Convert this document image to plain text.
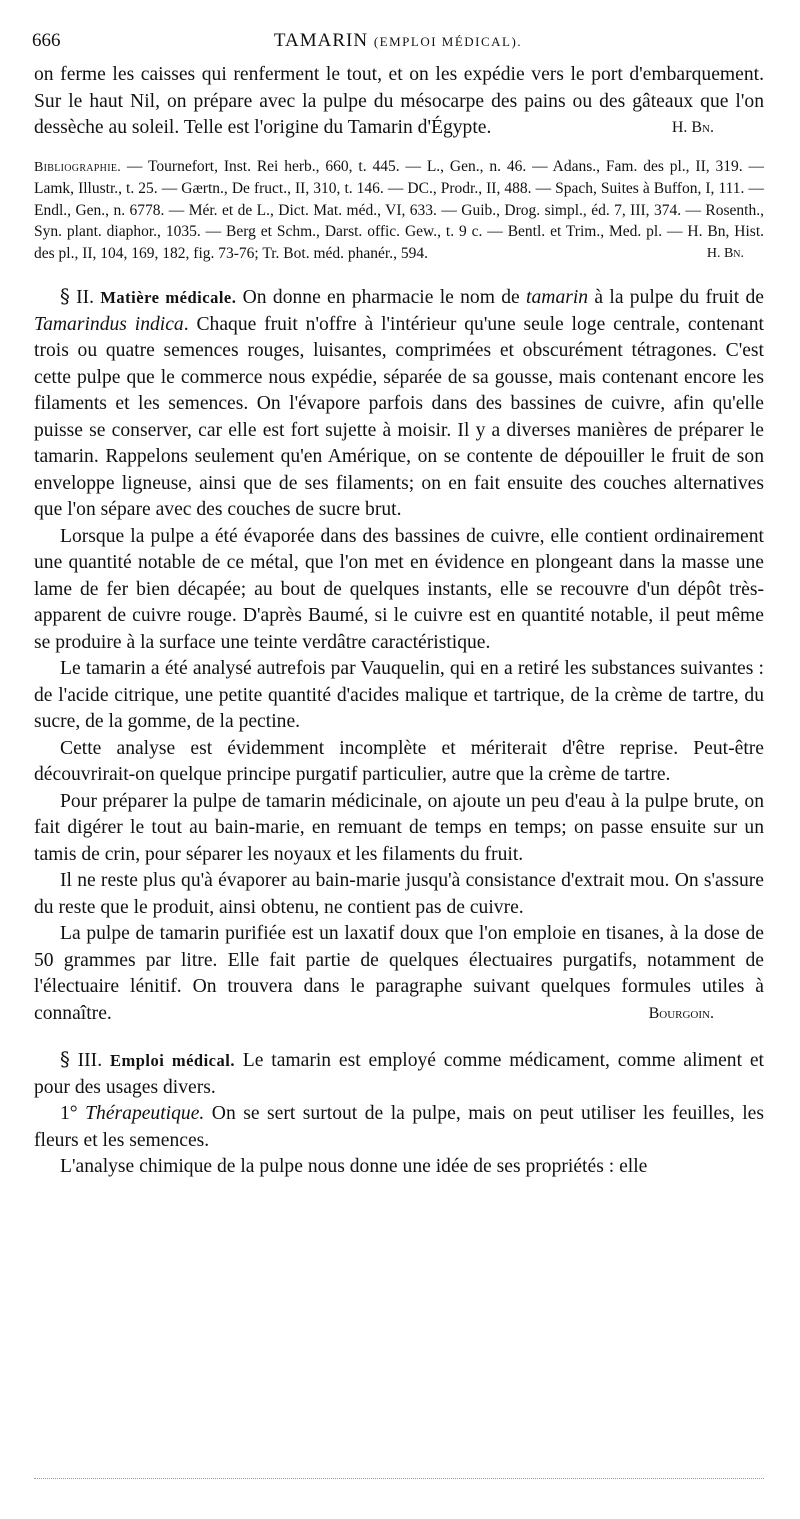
666	TAMARIN (EMPLOI MÉDICAL).

on ferme les caisses qui renferment le tout, et on les expédie vers le port d'embarquement. Sur le haut Nil, on prépare avec la pulpe du mésocarpe des pains ou des gâteaux que l'on dessèche au soleil. Telle est l'origine du Tamarin d'Égypte.	H. Bn.

Bibliographie. — Tournefort, Inst. Rei herb., 660, t. 445. — L., Gen., n. 46. — Adans., Fam. des pl., II, 319. — Lamk, Illustr., t. 25. — Gærtn., De fruct., II, 310, t. 146. — DC., Prodr., II, 488. — Spach, Suites à Buffon, I, 111. — Endl., Gen., n. 6778. — Mér. et de L., Dict. Mat. méd., VI, 633. — Guib., Drog. simpl., éd. 7, III, 374. — Rosenth., Syn. plant. diaphor., 1035. — Berg et Schm., Darst. offic. Gew., t. 9 c. — Bentl. et Trim., Med. pl. — H. Bn, Hist. des pl., II, 104, 169, 182, fig. 73-76; Tr. Bot. méd. phanér., 594.	H. Bn.

§ II. Matière médicale. On donne en pharmacie le nom de tamarin à la pulpe du fruit de Tamarindus indica. Chaque fruit n'offre à l'intérieur qu'une seule loge centrale, contenant trois ou quatre semences rouges, luisantes, comprimées et obscurément tétragones. C'est cette pulpe que le commerce nous expédie, séparée de sa gousse, mais contenant encore les filaments et les semences. On l'évapore parfois dans des bassines de cuivre, afin qu'elle puisse se conserver, car elle est fort sujette à moisir. Il y a diverses manières de préparer le tamarin. Rappelons seulement qu'en Amérique, on se contente de dépouiller le fruit de son enveloppe ligneuse, ainsi que de ses filaments; on en fait ensuite des couches alternatives que l'on sépare avec des couches de sucre brut.

Lorsque la pulpe a été évaporée dans des bassines de cuivre, elle contient ordinairement une quantité notable de ce métal, que l'on met en évidence en plongeant dans la masse une lame de fer bien décapée; au bout de quelques instants, elle se recouvre d'un dépôt très-apparent de cuivre rouge. D'après Baumé, si le cuivre est en quantité notable, il peut même se produire à la surface une teinte verdâtre caractéristique.

Le tamarin a été analysé autrefois par Vauquelin, qui en a retiré les substances suivantes : de l'acide citrique, une petite quantité d'acides malique et tartrique, de la crème de tartre, du sucre, de la gomme, de la pectine.

Cette analyse est évidemment incomplète et mériterait d'être reprise. Peut-être découvrirait-on quelque principe purgatif particulier, autre que la crème de tartre.

Pour préparer la pulpe de tamarin médicinale, on ajoute un peu d'eau à la pulpe brute, on fait digérer le tout au bain-marie, en remuant de temps en temps; on passe ensuite sur un tamis de crin, pour séparer les noyaux et les filaments du fruit.

Il ne reste plus qu'à évaporer au bain-marie jusqu'à consistance d'extrait mou. On s'assure du reste que le produit, ainsi obtenu, ne contient pas de cuivre.

La pulpe de tamarin purifiée est un laxatif doux que l'on emploie en tisanes, à la dose de 50 grammes par litre. Elle fait partie de quelques électuaires purgatifs, notamment de l'électuaire lénitif. On trouvera dans le paragraphe suivant quelques formules utiles à connaître.	Bourgoin.

§ III. Emploi médical. Le tamarin est employé comme médicament, comme aliment et pour des usages divers.

1° Thérapeutique. On se sert surtout de la pulpe, mais on peut utiliser les feuilles, les fleurs et les semences.

L'analyse chimique de la pulpe nous donne une idée de ses propriétés : elle
